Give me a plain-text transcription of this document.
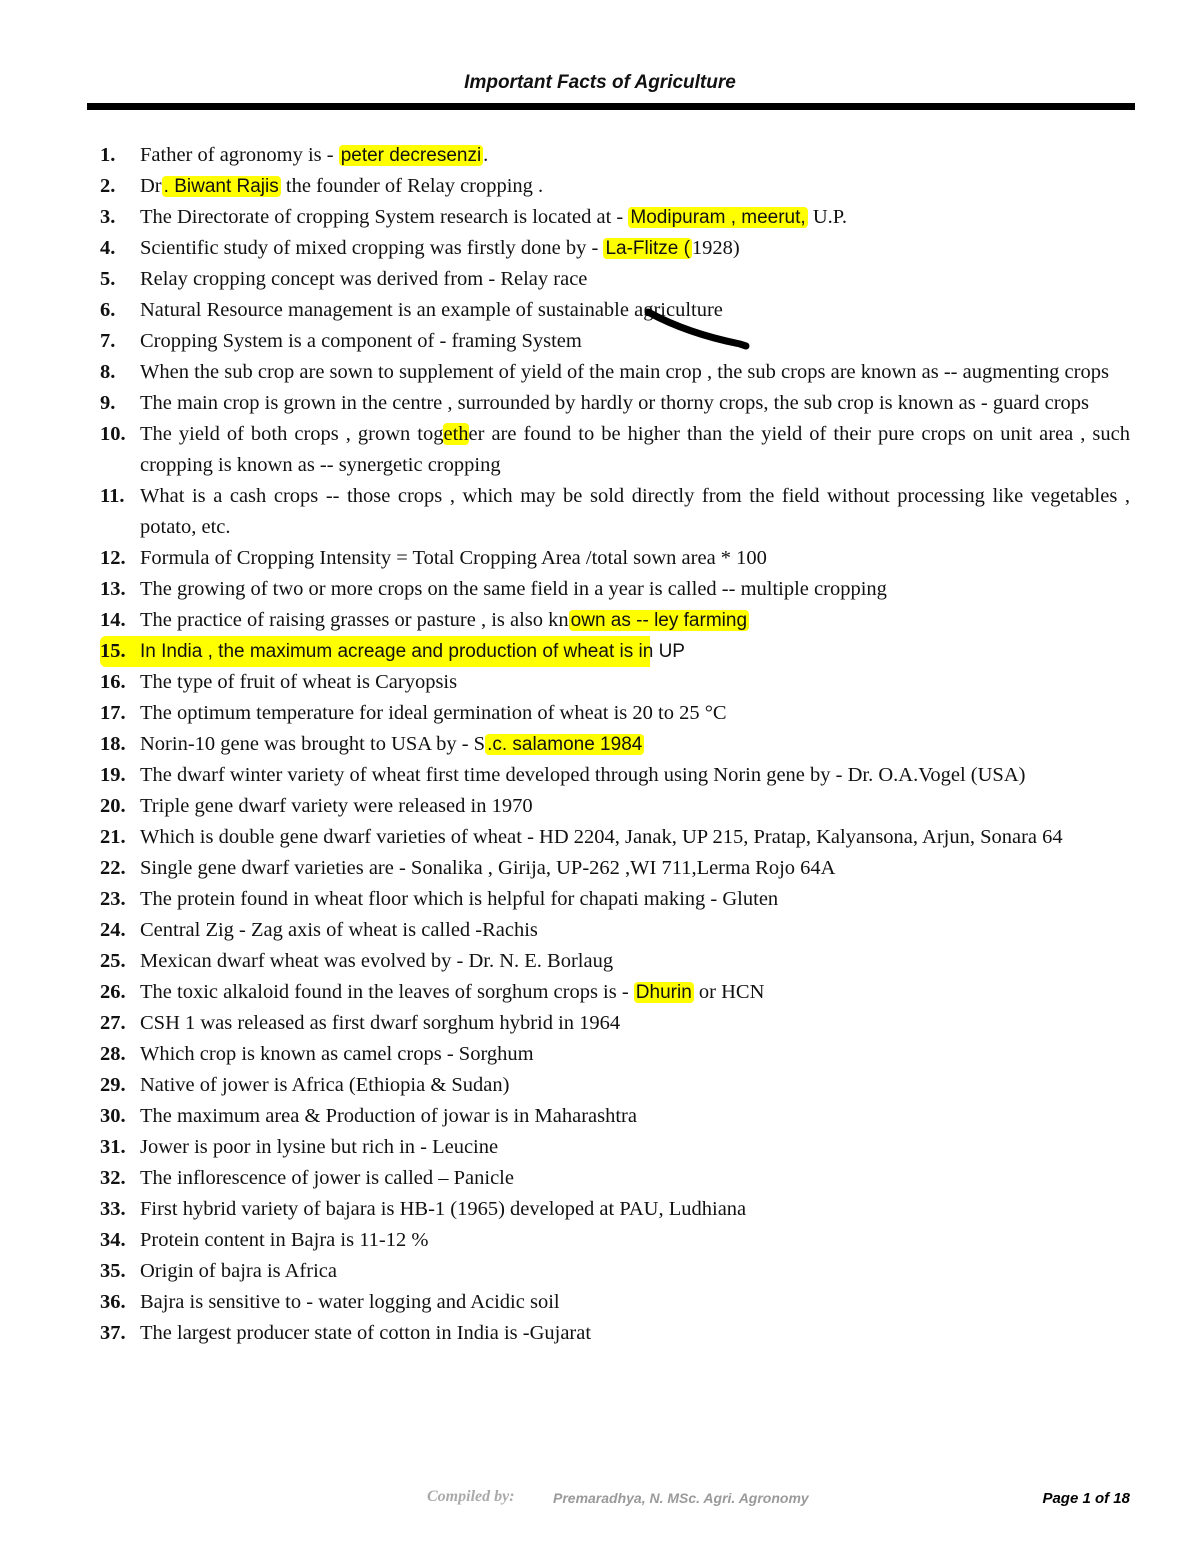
Important Facts of Agriculture
1. Father of agronomy is - peter decresenzi.
2. Dr . Biwant Rajis the founder of Relay cropping .
3. The Directorate of cropping System research is located at - Modipuram , meerut, U.P.
4. Scientific study of mixed cropping was firstly done by - La-Flitze (1928)
5. Relay cropping concept was derived from - Relay race
6. Natural Resource management is an example of sustainable agriculture
7. Cropping System is a component of - framing System
8. When the sub crop are sown to supplement of yield of the main crop , the sub crops are known as -- augmenting crops
9. The main crop is grown in the centre , surrounded by hardly or thorny crops, the sub crop is known as - guard crops
10. The yield of both crops , grown together are found to be higher than the yield of their pure crops on unit area , such cropping is known as -- synergetic cropping
11. What is a cash crops -- those crops , which may be sold directly from the field without processing like vegetables , potato, etc.
12. Formula of Cropping Intensity = Total Cropping Area /total sown area * 100
13. The growing of two or more crops on the same field in a year is called -- multiple cropping
14. The practice of raising grasses or pasture , is also kn own as -- ley farming
15. In India , the maximum acreage and production of wheat is in UP
16. The type of fruit of wheat is Caryopsis
17. The optimum temperature for ideal germination of wheat is 20 to 25 °C
18. Norin-10 gene was brought to USA by - S .c. salamone 1984
19. The dwarf winter variety of wheat first time developed through using Norin gene by - Dr. O.A.Vogel (USA)
20. Triple gene dwarf variety were released in 1970
21. Which is double gene dwarf varieties of wheat - HD 2204, Janak, UP 215, Pratap, Kalyansona, Arjun, Sonara 64
22. Single gene dwarf varieties are - Sonalika , Girija, UP-262 ,WI 711,Lerma Rojo 64A
23. The protein found in wheat floor which is helpful for chapati making - Gluten
24. Central Zig - Zag axis of wheat is called -Rachis
25. Mexican dwarf wheat was evolved by - Dr. N. E. Borlaug
26. The toxic alkaloid found in the leaves of sorghum crops is - Dhurin or HCN
27. CSH 1 was released as first dwarf sorghum hybrid in 1964
28. Which crop is known as camel crops - Sorghum
29. Native of jower is Africa (Ethiopia & Sudan)
30. The maximum area & Production of jowar is in Maharashtra
31. Jower is poor in lysine but rich in - Leucine
32. The inflorescence of jower is called – Panicle
33. First hybrid variety of bajara is HB-1 (1965) developed at PAU, Ludhiana
34. Protein content in Bajra is 11-12 %
35. Origin of bajra is Africa
36. Bajra is sensitive to - water logging and Acidic soil
37. The largest producer state of cotton in India is -Gujarat
Compiled by:	Premaradhya, N. MSc. Agri. Agronomy	Page 1 of 18
